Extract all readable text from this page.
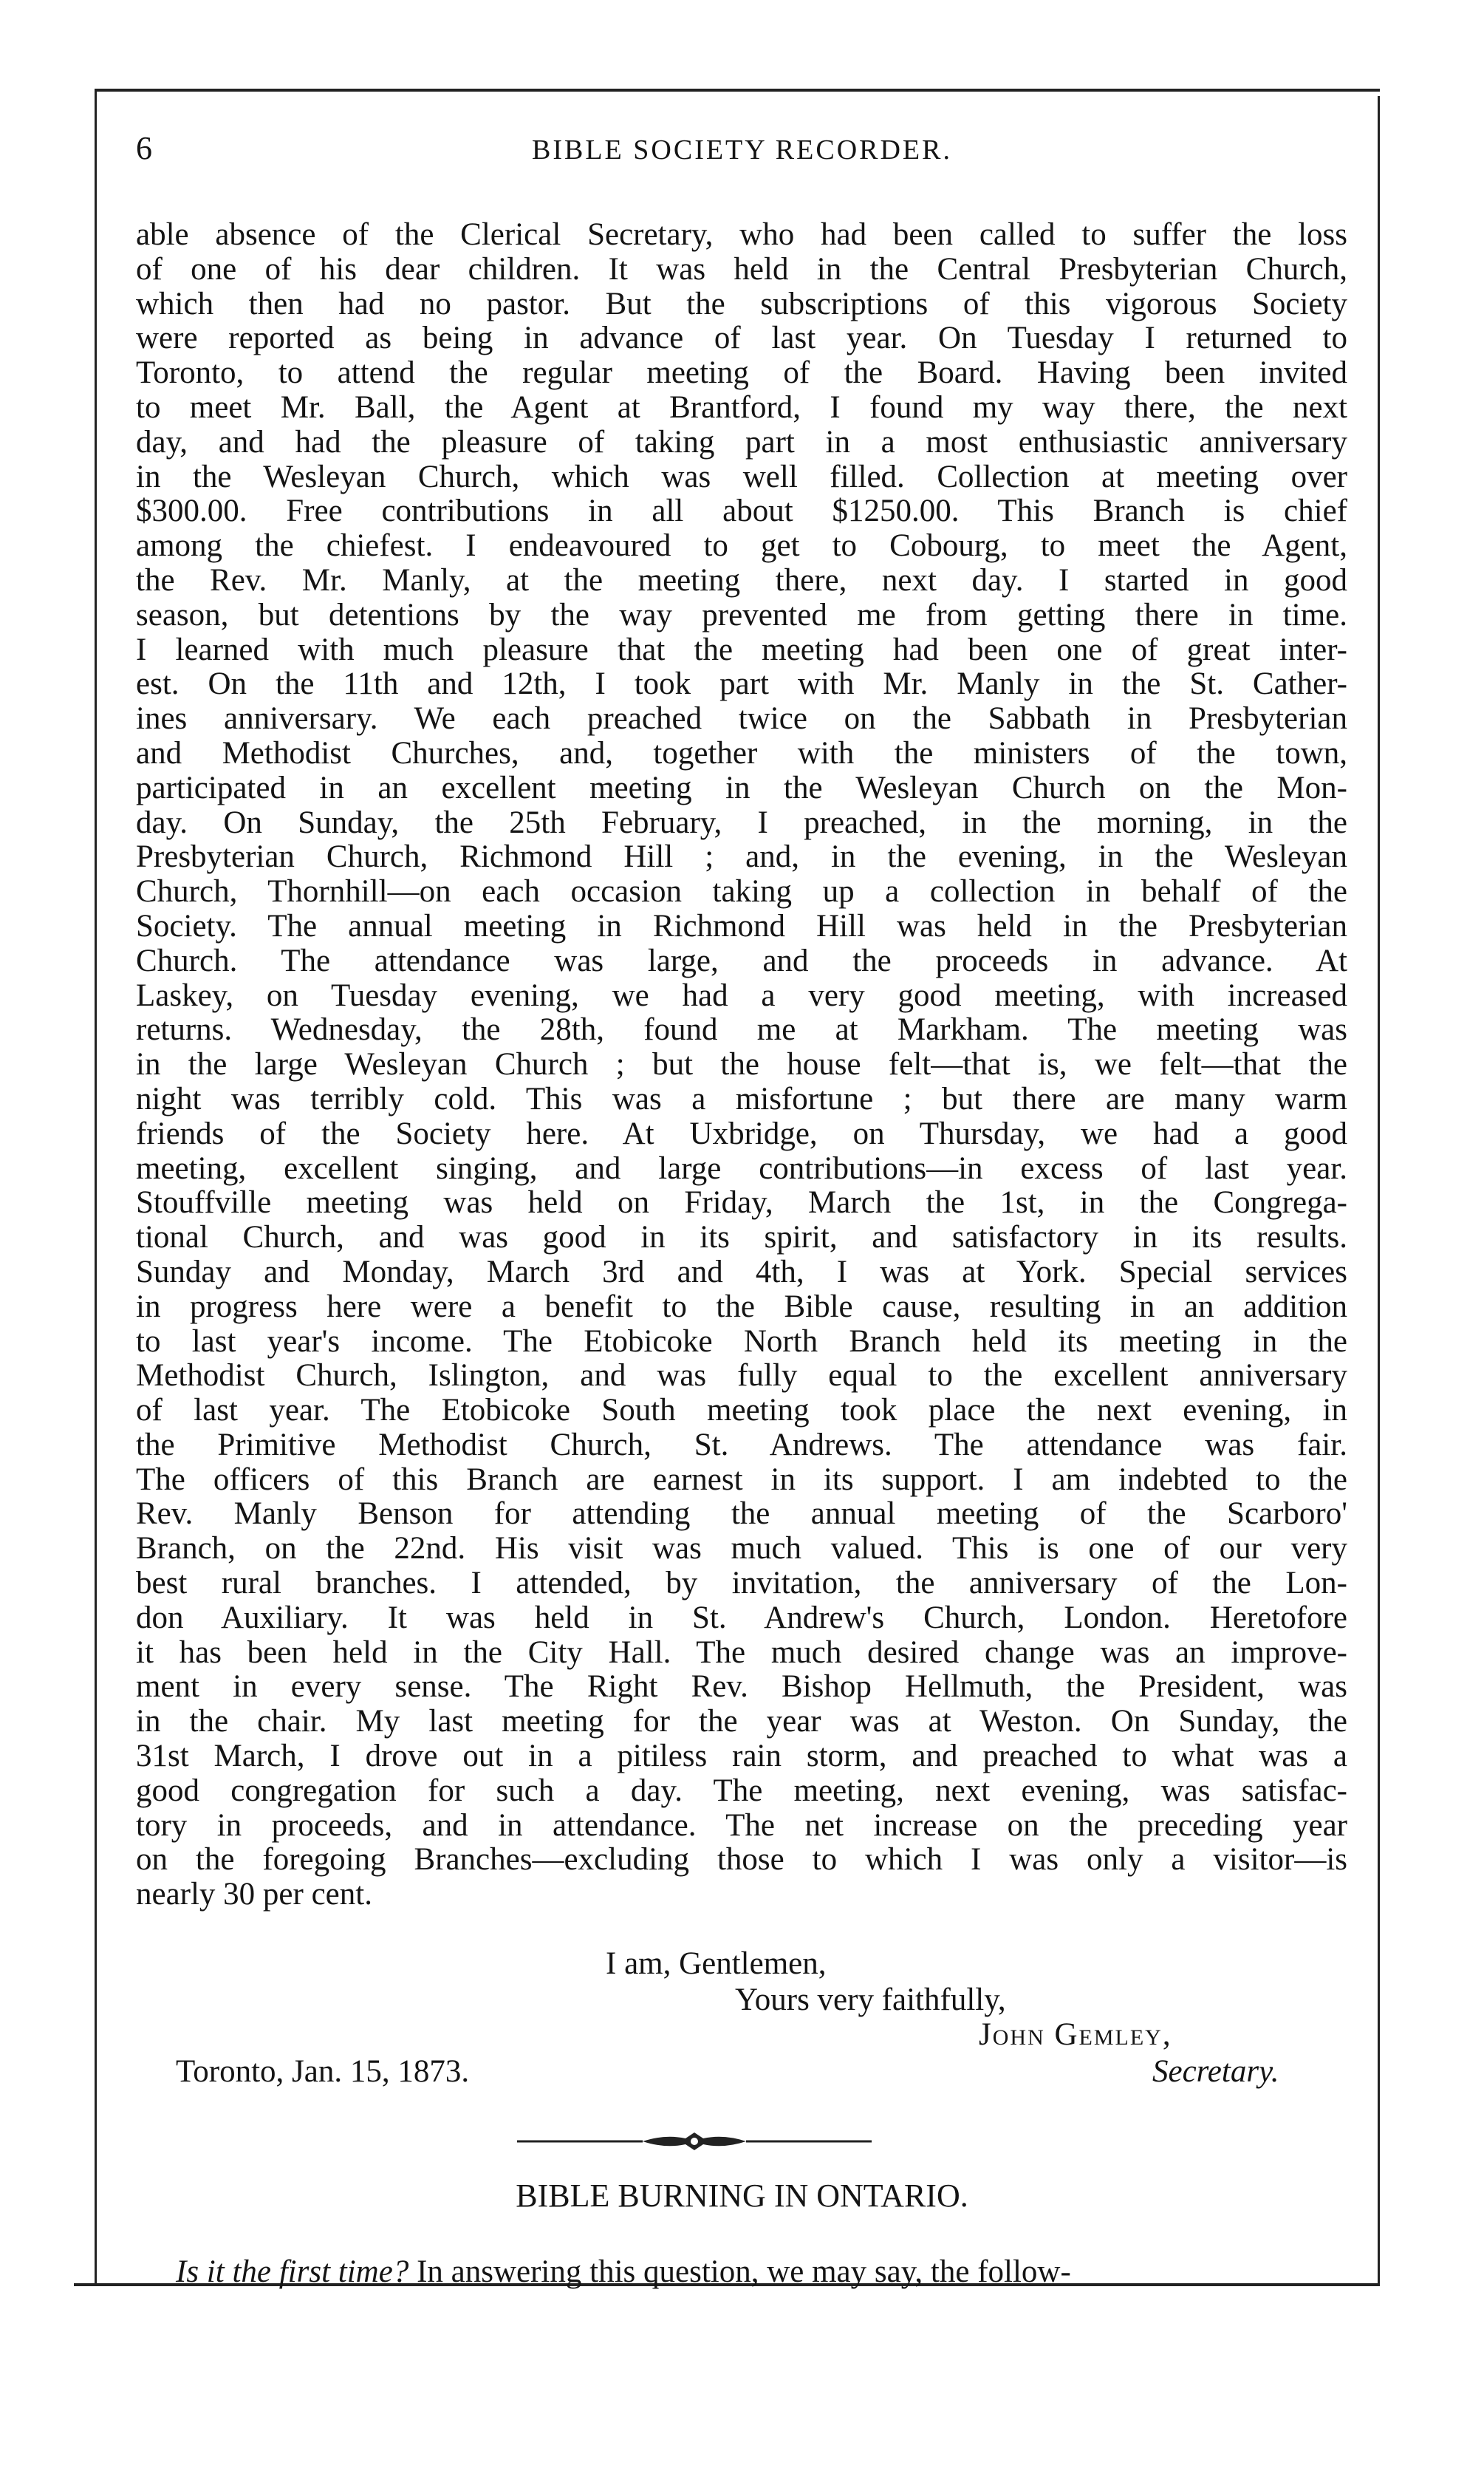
6	BIBLE SOCIETY RECORDER.
able absence of the Clerical Secretary, who had been called to suffer the loss
of one of his dear children. It was held in the Central Presbyterian Church,
which then had no pastor. But the subscriptions of this vigorous Society
were reported as being in advance of last year. On Tuesday I returned to
Toronto, to attend the regular meeting of the Board. Having been invited
to meet Mr. Ball, the Agent at Brantford, I found my way there, the next
day, and had the pleasure of taking part in a most enthusiastic anniversary
in the Wesleyan Church, which was well filled. Collection at meeting over
$300.00. Free contributions in all about $1250.00. This Branch is chief
among the chiefest. I endeavoured to get to Cobourg, to meet the Agent,
the Rev. Mr. Manly, at the meeting there, next day. I started in good
season, but detentions by the way prevented me from getting there in time.
I learned with much pleasure that the meeting had been one of great inter-
est. On the 11th and 12th, I took part with Mr. Manly in the St. Cather-
ines anniversary. We each preached twice on the Sabbath in Presbyterian
and Methodist Churches, and, together with the ministers of the town,
participated in an excellent meeting in the Wesleyan Church on the Mon-
day. On Sunday, the 25th February, I preached, in the morning, in the
Presbyterian Church, Richmond Hill ; and, in the evening, in the Wesleyan
Church, Thornhill—on each occasion taking up a collection in behalf of the
Society. The annual meeting in Richmond Hill was held in the Presbyterian
Church. The attendance was large, and the proceeds in advance. At
Laskey, on Tuesday evening, we had a very good meeting, with increased
returns. Wednesday, the 28th, found me at Markham. The meeting was
in the large Wesleyan Church ; but the house felt—that is, we felt—that the
night was terribly cold. This was a misfortune ; but there are many warm
friends of the Society here. At Uxbridge, on Thursday, we had a good
meeting, excellent singing, and large contributions—in excess of last year.
Stouffville meeting was held on Friday, March the 1st, in the Congrega-
tional Church, and was good in its spirit, and satisfactory in its results.
Sunday and Monday, March 3rd and 4th, I was at York. Special services
in progress here were a benefit to the Bible cause, resulting in an addition
to last year's income. The Etobicoke North Branch held its meeting in the
Methodist Church, Islington, and was fully equal to the excellent anniversary
of last year. The Etobicoke South meeting took place the next evening, in
the Primitive Methodist Church, St. Andrews. The attendance was fair.
The officers of this Branch are earnest in its support. I am indebted to the
Rev. Manly Benson for attending the annual meeting of the Scarboro'
Branch, on the 22nd. His visit was much valued. This is one of our very
best rural branches. I attended, by invitation, the anniversary of the Lon-
don Auxiliary. It was held in St. Andrew's Church, London. Heretofore
it has been held in the City Hall. The much desired change was an improve-
ment in every sense. The Right Rev. Bishop Hellmuth, the President, was
in the chair. My last meeting for the year was at Weston. On Sunday, the
31st March, I drove out in a pitiless rain storm, and preached to what was a
good congregation for such a day. The meeting, next evening, was satisfac-
tory in proceeds, and in attendance. The net increase on the preceding year
on the foregoing Branches—excluding those to which I was only a visitor—is
nearly 30 per cent.
I am, Gentlemen,
Yours very faithfully,
John Gemley,
Toronto, Jan. 15, 1873.	Secretary.
BIBLE BURNING IN ONTARIO.
Is it the first time? In answering this question, we may say, the follow-
